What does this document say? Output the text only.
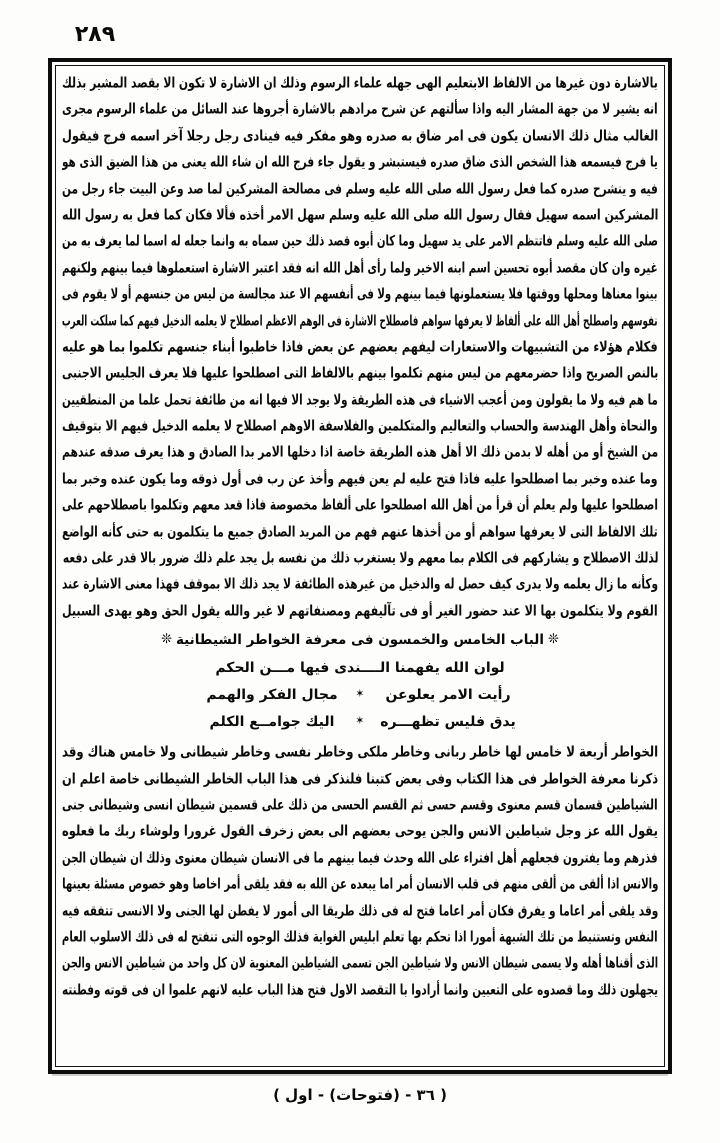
٢٨٩
بالاشارة دون غيرها من الالفاظ الابتعليم الهى جهله علماء الرسوم وذلك ان الاشارة لا تكون الا بقصد المشير بذلك
انه يشير لا من جهة المشار اليه واذا سألتهم عن شرح مرادهم بالاشارة أجروها عند السائل من علماء الرسوم مجرى
الغالب مثال ذلك الانسان يكون فى امر ضاق به صدره وهو مفكر فيه فينادى رجل رجلا آخر اسمه فرج فيقول
يا فرج فيسمعه هذا الشخص الذى ضاق صدره فيستبشر و يقول جاء فرج الله ان شاء الله يعنى من هذا الضيق الذى هو
فيه و ينشرح صدره كما فعل رسول الله صلى الله عليه وسلم فى مصالحة المشركين لما صد وعن البيت جاء رجل من
المشركين اسمه سهيل فقال رسول الله صلى الله عليه وسلم سهل الامر أخذه فألا فكان كما فعل به رسول الله
صلى الله عليه وسلم فاتتظم الامر على يد سهيل وما كان أبوه قصد ذلك حين سماه به وانما جعله له اسما لما يعرف به من
غيره وان كان مقصد أبوه تحسين اسم ابنه الاخير ولما رأى أهل الله انه فقد اعتبر الاشارة استعملوها فيما بينهم ولكنهم
بينوا معناها ومحلها ووقتها فلا يستعملونها فيما بينهم ولا فى أنفسهم الا عند مجالسة من ليس من جنسهم أو لا يقوم فى
نفوسهم واصطلح أهل الله على ألفاظ لا يعرفها سواهم فاصطلاح الاشارة فى الوهم الاعظم اصطلاح لا يعلمه الدخيل فيهم كما سلكت العرب
فكلام هؤلاء من التشبيهات والاستعارات ليفهم بعضهم عن بعض فاذا خاطبوا أبناء جنسهم تكلموا بما هو عليه
بالنص الصريح واذا حضرمعهم من ليس منهم تكلموا بينهم بالالفاظ التى اصطلحوا عليها فلا يعرف الجليس الاجنبى
ما هم فيه ولا ما يقولون ومن أعجب الاشياء فى هذه الطريقة ولا يوجد الا فيها انه من طائفة تحمل علما من المنطقيين
والنحاة وأهل الهندسة والحساب والتعاليم والمتكلمين والفلاسفة الاوهم اصطلاح لا يعلمه الدخيل فيهم الا بتوقيف
من الشيخ أو من أهله لا بدمن ذلك الا أهل هذه الطريقة خاصة اذا دخلها الامر بدا الصادق و هذا يعرف صدقه عندهم
وما عنده وخبر بما اصطلحوا عليه فاذا فتح عليه لم يعن فيهم وأخذ عن رب فى أول ذوقه وما يكون عنده وخبر بما
اصطلحوا عليها ولم يعلم أن قرأ من أهل الله اصطلحوا على ألفاظ مخصوصة فاذا قعد معهم وتكلموا باصطلاحهم على
تلك الالفاظ التى لا يعرفها سواهم أو من أخذها عنهم فهم من المريد الصادق جميع ما يتكلمون به حتى كأنه الواضع
لذلك الاصطلاح و يشاركهم فى الكلام بما معهم ولا يستغرب ذلك من نفسه بل يجد علم ذلك ضرور بالا قدر على دفعه
وكأنه ما زال يعلمه ولا يدرى كيف حصل له والدخيل من غيرهذه الطائفة لا يجد ذلك الا بموقف فهذا معنى الاشارة عند
القوم ولا يتكلمون بها الا عند حضور الغير أو فى تآليفهم ومصنفاتهم لا غير والله يقول الحق وهو يهدى السبيل
❊الباب الخامس والخمسون فى معرفة الخواطر الشيطانية❊
لوان الله يفهمنا الــــندى فيها مـــن الحكم
رأيت الامر يعلوعن✶مجال الفكر والهمم
يدق فليس تظهـــره✶اليك جوامــع الكلم
الخواطر أربعة لا خامس لها خاطر ربانى وخاطر ملكى وخاطر نفسى وخاطر شيطانى ولا خامس هناك وقد
ذكرنا معرفة الخواطر فى هذا الكتاب وفى بعض كتبنا فلنذكر فى هذا الباب الخاطر الشيطانى خاصة اعلم ان
الشياطين قسمان قسم معنوى وقسم حسى ثم القسم الحسى من ذلك على قسمين شيطان انسى وشيطانى جنى
يقول الله عز وجل شياطين الانس والجن يوحى بعضهم الى بعض زخرف القول غرورا ولوشاء ربك ما فعلوه
فذرهم وما يفترون فجعلهم أهل افتراء على الله وحدث فيما بينهم ما فى الانسان شيطان معنوى وذلك ان شيطان الجن
والانس اذا ألقى من ألقى منهم فى قلب الانسان أمر اما يبعده عن الله به فقد يلقى أمر اخاصا وهو خصوص مسئلة بعينها
وقد يلقى أمر اعاما و يفرق فكان أمر اعاما فتح له فى ذلك طريقا الى أمور لا يفطن لها الجنى ولا الانسى تتفقه فيه
النفس وتستنبط من تلك الشبهة أمورا اذا تحكم بها تعلم ابليس الغواية فذلك الوجوه التى تنفتح له فى ذلك الاسلوب العام
الذى أقناها أهله ولا يسمى شيطان الانس ولا شياطين الجن تسمى الشياطين المعنوية لان كل واحد من شياطين الانس والجن
يجهلون ذلك وما قصدوه على التعبين وانما أرادوا با التقصد الاول فتح هذا الباب عليه لانهم علموا ان فى قوته وفطنته
( ٣٦ - (فتوحات) - اول )
